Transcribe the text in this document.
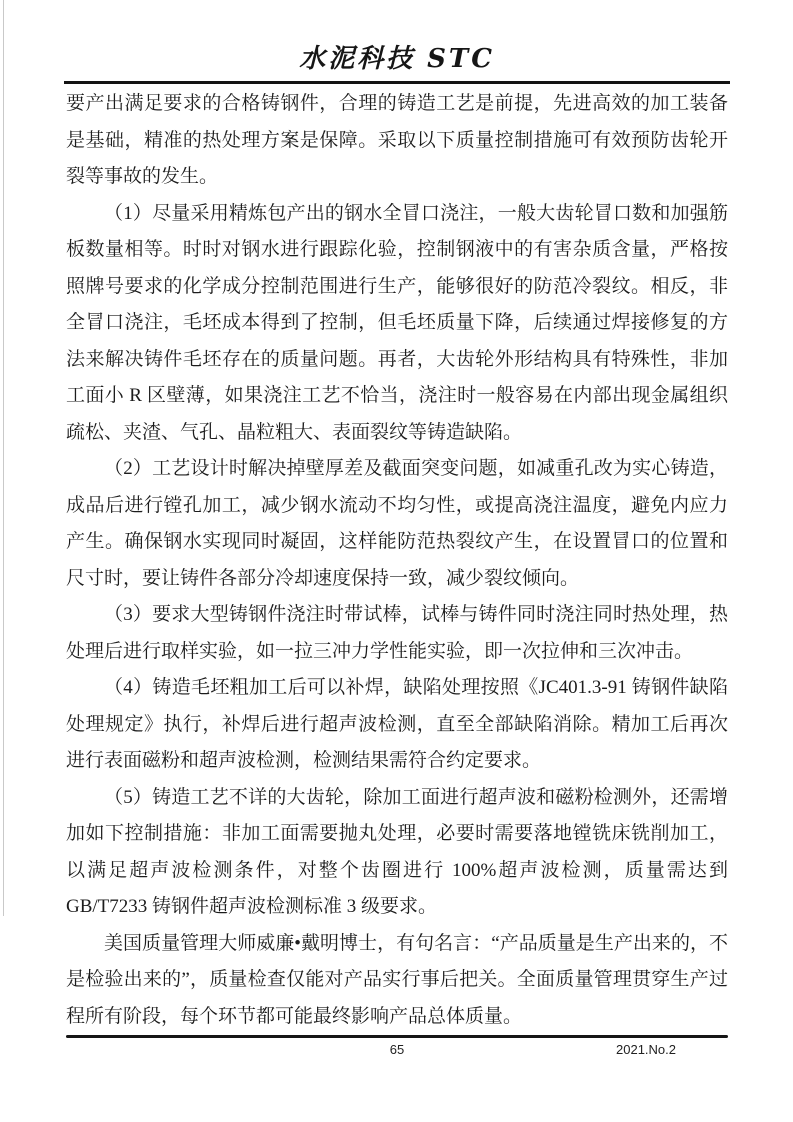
水泥科技 STC

要产出满足要求的合格铸钢件，合理的铸造工艺是前提，先进高效的加工装备是基础，精准的热处理方案是保障。采取以下质量控制措施可有效预防齿轮开裂等事故的发生。

（1）尽量采用精炼包产出的钢水全冒口浇注，一般大齿轮冒口数和加强筋板数量相等。时时对钢水进行跟踪化验，控制钢液中的有害杂质含量，严格按照牌号要求的化学成分控制范围进行生产，能够很好的防范冷裂纹。相反，非全冒口浇注，毛坯成本得到了控制，但毛坯质量下降，后续通过焊接修复的方法来解决铸件毛坯存在的质量问题。再者，大齿轮外形结构具有特殊性，非加工面小 R 区壁薄，如果浇注工艺不恰当，浇注时一般容易在内部出现金属组织疏松、夹渣、气孔、晶粒粗大、表面裂纹等铸造缺陷。

（2）工艺设计时解决掉壁厚差及截面突变问题，如减重孔改为实心铸造，成品后进行镗孔加工，减少钢水流动不均匀性，或提高浇注温度，避免内应力产生。确保钢水实现同时凝固，这样能防范热裂纹产生，在设置冒口的位置和尺寸时，要让铸件各部分冷却速度保持一致，减少裂纹倾向。

（3）要求大型铸钢件浇注时带试棒，试棒与铸件同时浇注同时热处理，热处理后进行取样实验，如一拉三冲力学性能实验，即一次拉伸和三次冲击。

（4）铸造毛坯粗加工后可以补焊，缺陷处理按照《JC401.3-91 铸钢件缺陷处理规定》执行，补焊后进行超声波检测，直至全部缺陷消除。精加工后再次进行表面磁粉和超声波检测，检测结果需符合约定要求。

（5）铸造工艺不详的大齿轮，除加工面进行超声波和磁粉检测外，还需增加如下控制措施：非加工面需要抛丸处理，必要时需要落地镗铣床铣削加工，以满足超声波检测条件，对整个齿圈进行 100%超声波检测，质量需达到 GB/T7233 铸钢件超声波检测标准 3 级要求。

美国质量管理大师威廉•戴明博士，有句名言：“产品质量是生产出来的，不是检验出来的”，质量检查仅能对产品实行事后把关。全面质量管理贯穿生产过程所有阶段，每个环节都可能最终影响产品总体质量。

65	2021.No.2
